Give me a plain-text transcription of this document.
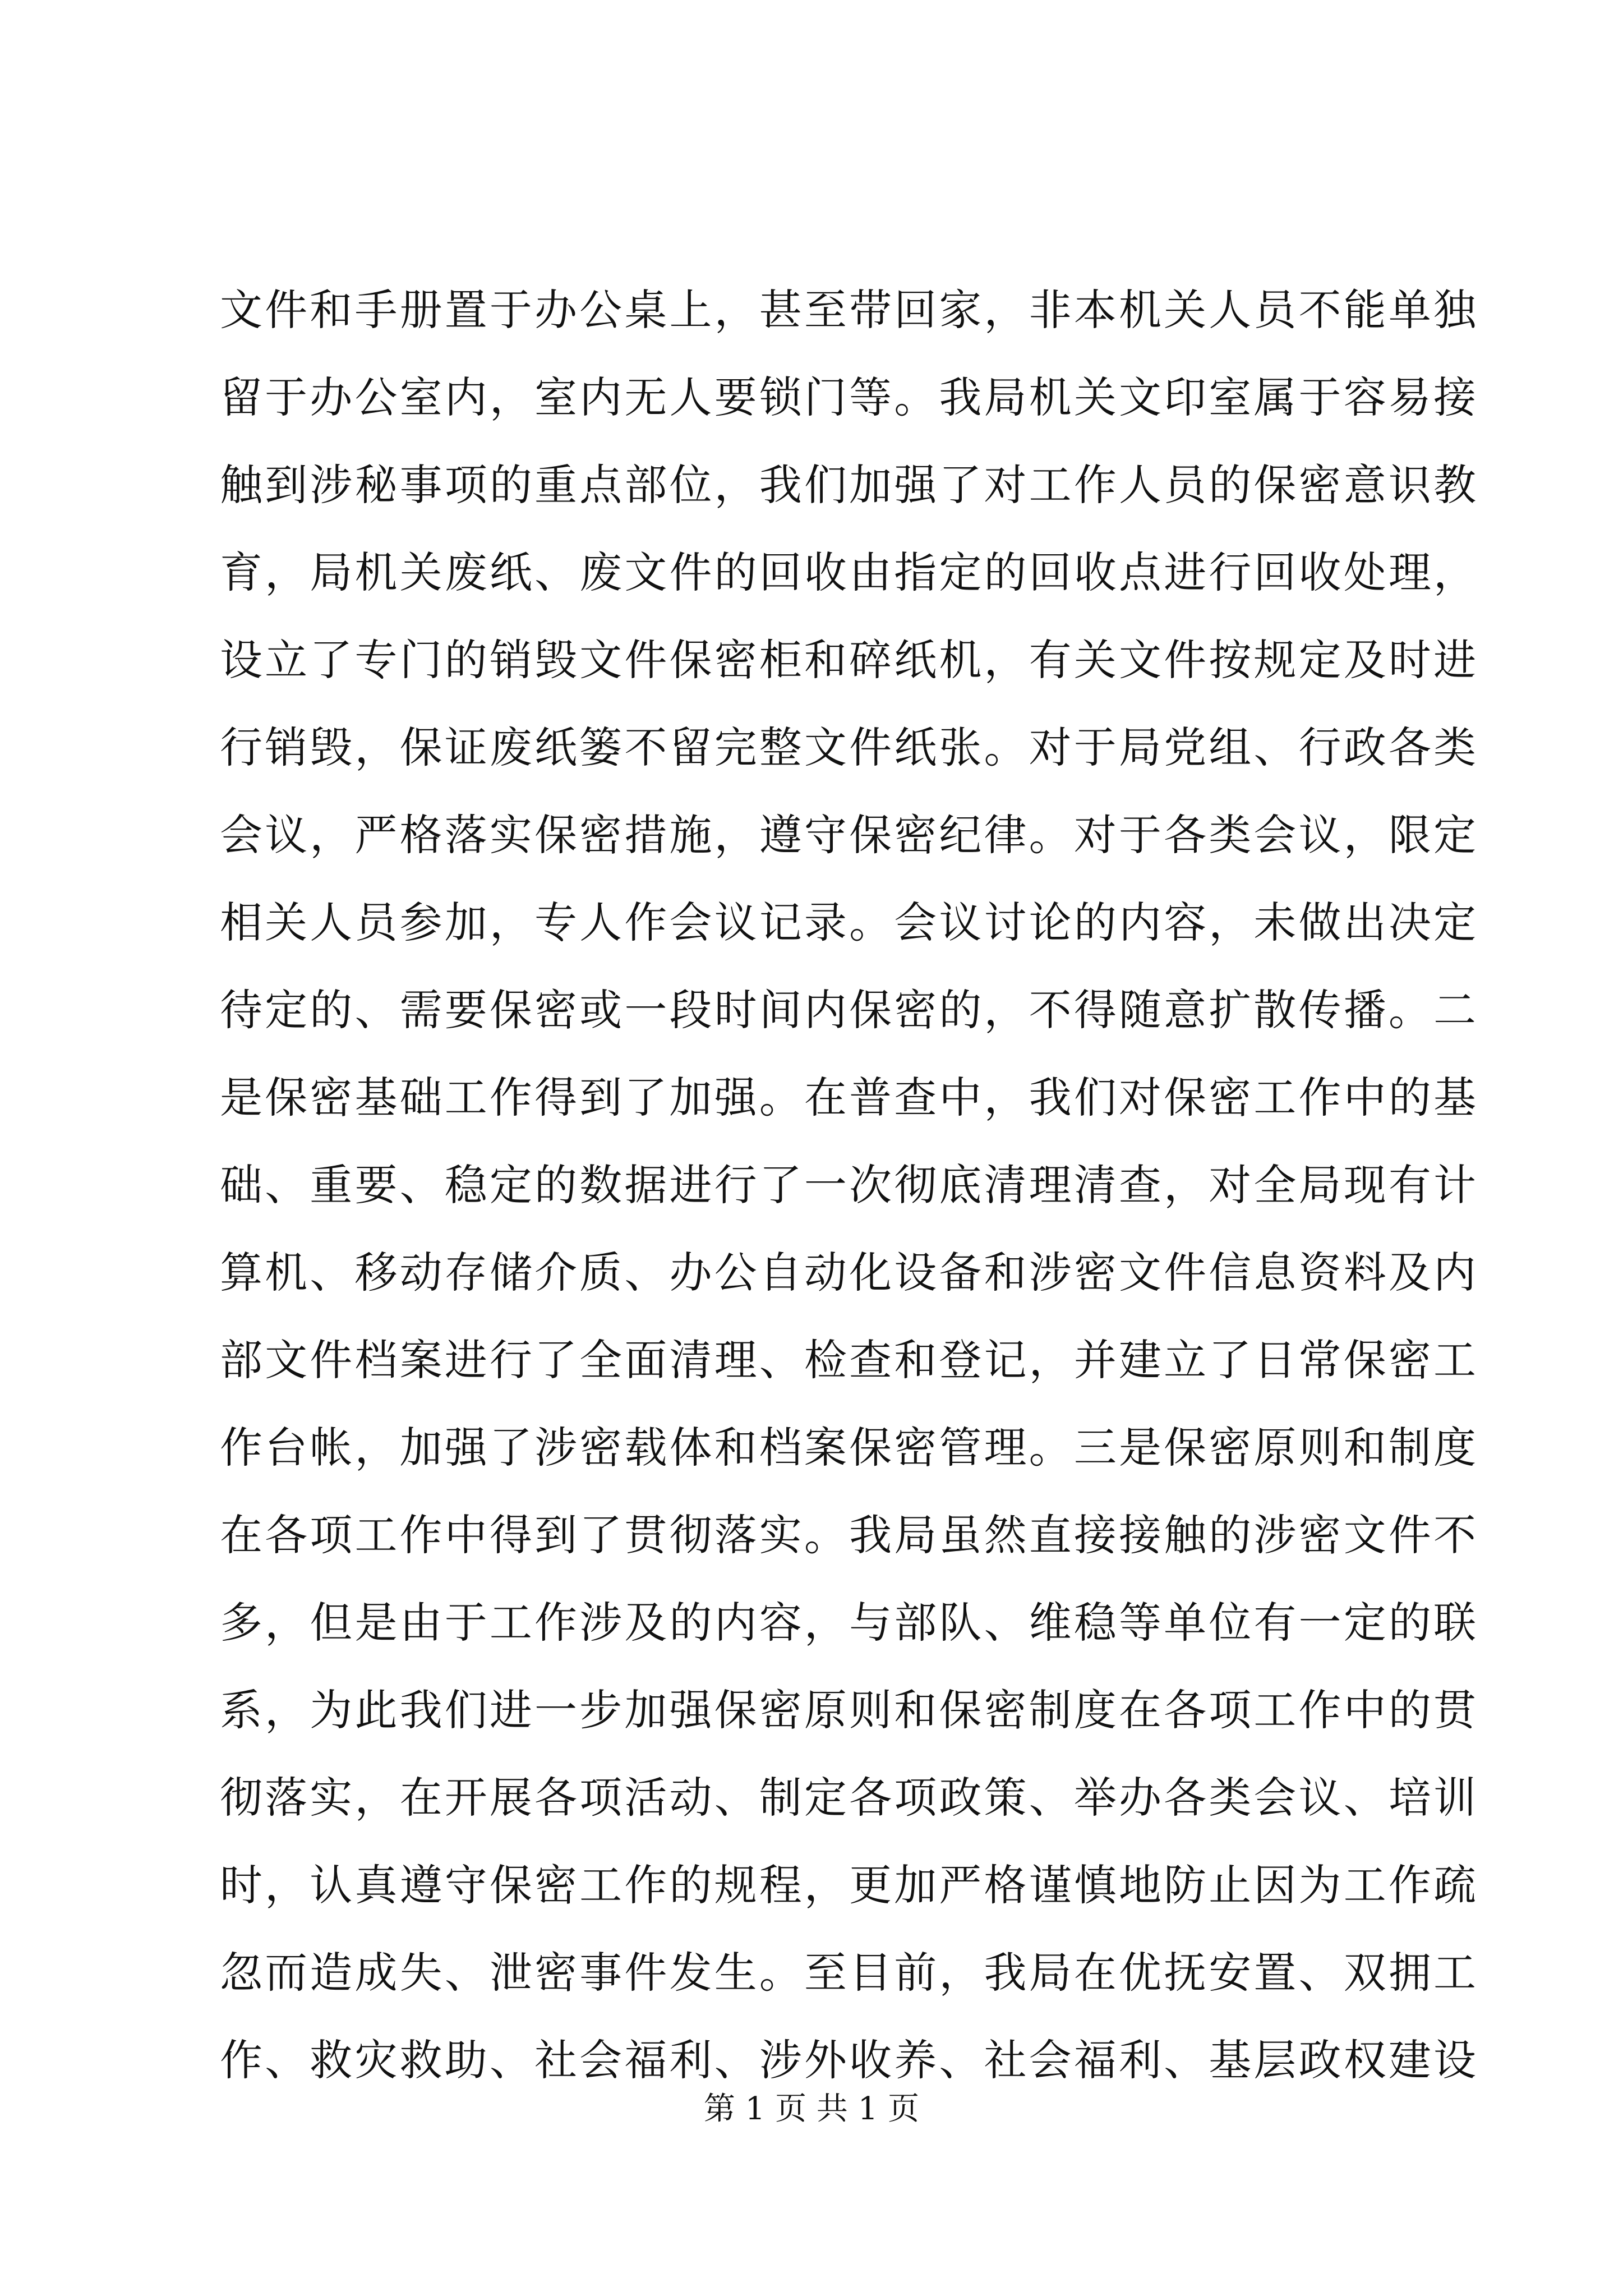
文件和手册置于办公桌上，甚至带回家，非本机关人员不能单独
留于办公室内，室内无人要锁门等。我局机关文印室属于容易接
触到涉秘事项的重点部位，我们加强了对工作人员的保密意识教
育，局机关废纸、废文件的回收由指定的回收点进行回收处理，
设立了专门的销毁文件保密柜和碎纸机，有关文件按规定及时进
行销毁，保证废纸篓不留完整文件纸张。对于局党组、行政各类
会议，严格落实保密措施，遵守保密纪律。对于各类会议，限定
相关人员参加，专人作会议记录。会议讨论的内容，未做出决定
待定的、需要保密或一段时间内保密的，不得随意扩散传播。二
是保密基础工作得到了加强。在普查中，我们对保密工作中的基
础、重要、稳定的数据进行了一次彻底清理清查，对全局现有计
算机、移动存储介质、办公自动化设备和涉密文件信息资料及内
部文件档案进行了全面清理、检查和登记，并建立了日常保密工
作台帐，加强了涉密载体和档案保密管理。三是保密原则和制度
在各项工作中得到了贯彻落实。我局虽然直接接触的涉密文件不
多，但是由于工作涉及的内容，与部队、维稳等单位有一定的联
系，为此我们进一步加强保密原则和保密制度在各项工作中的贯
彻落实，在开展各项活动、制定各项政策、举办各类会议、培训
时，认真遵守保密工作的规程，更加严格谨慎地防止因为工作疏
忽而造成失、泄密事件发生。至目前，我局在优抚安置、双拥工
作、救灾救助、社会福利、涉外收养、社会福利、基层政权建设
第 1 页 共 1 页
